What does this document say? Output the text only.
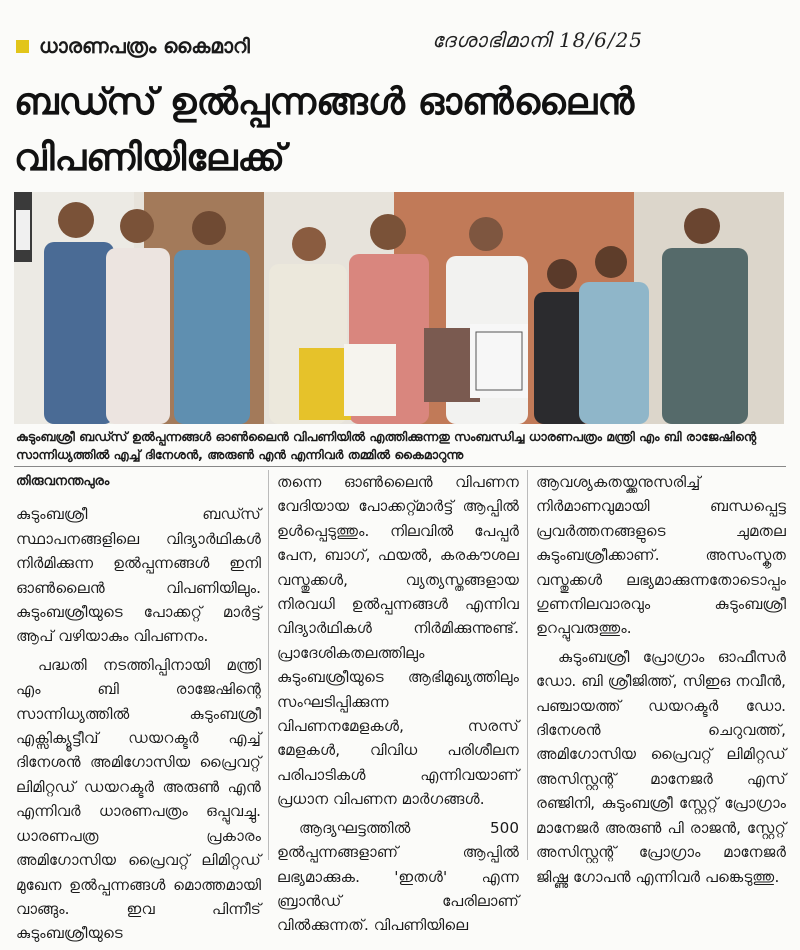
ധാരണപത്രം കൈമാറി	ദേശാഭിമാനി 18/6/25
ബഡ്സ് ഉൽപ്പന്നങ്ങൾ ഓൺലൈൻ വിപണിയിലേക്ക്
കുടുംബശ്രീ ബഡ്സ് ഉൽപ്പന്നങ്ങൾ ഓൺലൈൻ വിപണിയിൽ എത്തിക്കുന്നതു സംബന്ധിച്ച ധാരണപത്രം മന്ത്രി എം ബി രാജേഷിന്റെ സാന്നിധ്യത്തിൽ എച്ച് ദിനേശൻ, അരുൺ എൻ എന്നിവർ തമ്മിൽ കൈമാറുന്നു
തിരുവനന്തപുരം

കുടുംബശ്രീ ബഡ്സ് സ്ഥാപനങ്ങളിലെ വിദ്യാർഥികൾ നിർമിക്കുന്ന ഉൽപ്പന്നങ്ങൾ ഇനി ഓൺലൈൻ വിപണിയിലും. കുടുംബശ്രീയുടെ പോക്കറ്റ് മാർട്ട് ആപ് വഴിയാകും വിപണനം.

പദ്ധതി നടത്തിപ്പിനായി മന്ത്രി എം ബി രാജേഷിന്റെ സാന്നിധ്യത്തിൽ കുടുംബശ്രീ എക്സിക്യൂട്ടീവ് ഡയറക്ടർ എച്ച് ദിനേശൻ അമിഗോസിയ പ്രൈവറ്റ് ലിമിറ്റഡ് ഡയറക്ടർ അരുൺ എൻ എന്നിവർ ധാരണപത്രം ഒപ്പുവച്ചു. ധാരണപത്ര പ്രകാരം അമിഗോസിയ പ്രൈവറ്റ് ലിമിറ്റഡ് മുഖേന ഉൽപ്പന്നങ്ങൾ മൊത്തമായി വാങ്ങും. ഇവ പിന്നീട് കുടുംബശ്രീയുടെ

തന്നെ ഓൺലൈൻ വിപണന വേദിയായ പോക്കറ്റ്മാർട്ട് ആപ്പിൽ ഉൾപ്പെടുത്തും. നിലവിൽ പേപ്പർ പേന, ബാഗ്, ഫയൽ, കരകൗശല വസ്തുക്കൾ, വ്യത്യസ്തങ്ങളായ നിരവധി ഉൽപ്പന്നങ്ങൾ എന്നിവ വിദ്യാർഥികൾ നിർമിക്കുന്നുണ്ട്. പ്രാദേശികതലത്തിലും കുടുംബശ്രീയുടെ ആഭിമുഖ്യത്തിലും സംഘടിപ്പിക്കുന്ന വിപണനമേളകൾ, സരസ് മേളകൾ, വിവിധ പരിശീലന പരിപാടികൾ എന്നിവയാണ് പ്രധാന വിപണന മാർഗങ്ങൾ.

ആദ്യഘട്ടത്തിൽ 500 ഉൽപ്പന്നങ്ങളാണ് ആപ്പിൽ ലഭ്യമാക്കുക. 'ഇതൾ' എന്ന ബ്രാൻഡ് പേരിലാണ് വിൽക്കുന്നത്. വിപണിയിലെ

ആവശ്യകതയ്ക്കനുസരിച്ച് നിർമാണവുമായി ബന്ധപ്പെട്ട പ്രവർത്തനങ്ങളുടെ ചുമതല കുടുംബശ്രീക്കാണ്. അസംസ്കൃത വസ്തുക്കൾ ലഭ്യമാക്കുന്നതോടൊപ്പം ഗുണനിലവാരവും കുടുംബശ്രീ ഉറപ്പുവരുത്തും.

കുടുംബശ്രീ പ്രോഗ്രാം ഓഫീസർ ഡോ. ബി ശ്രീജിത്ത്, സിഇഒ നവീൻ, പഞ്ചായത്ത് ഡയറക്ടർ ഡോ. ദിനേശൻ ചെറുവത്ത്, അമിഗോസിയ പ്രൈവറ്റ് ലിമിറ്റഡ് അസിസ്റ്റന്റ് മാനേജർ എസ് രഞ്ജിനി, കുടുംബശ്രീ സ്റ്റേറ്റ് പ്രോഗ്രാം മാനേജർ അരുൺ പി രാജൻ, സ്റ്റേറ്റ് അസിസ്റ്റന്റ് പ്രോഗ്രാം മാനേജർ ജിഷ്ണു ഗോപൻ എന്നിവർ പങ്കെടുത്തു.
